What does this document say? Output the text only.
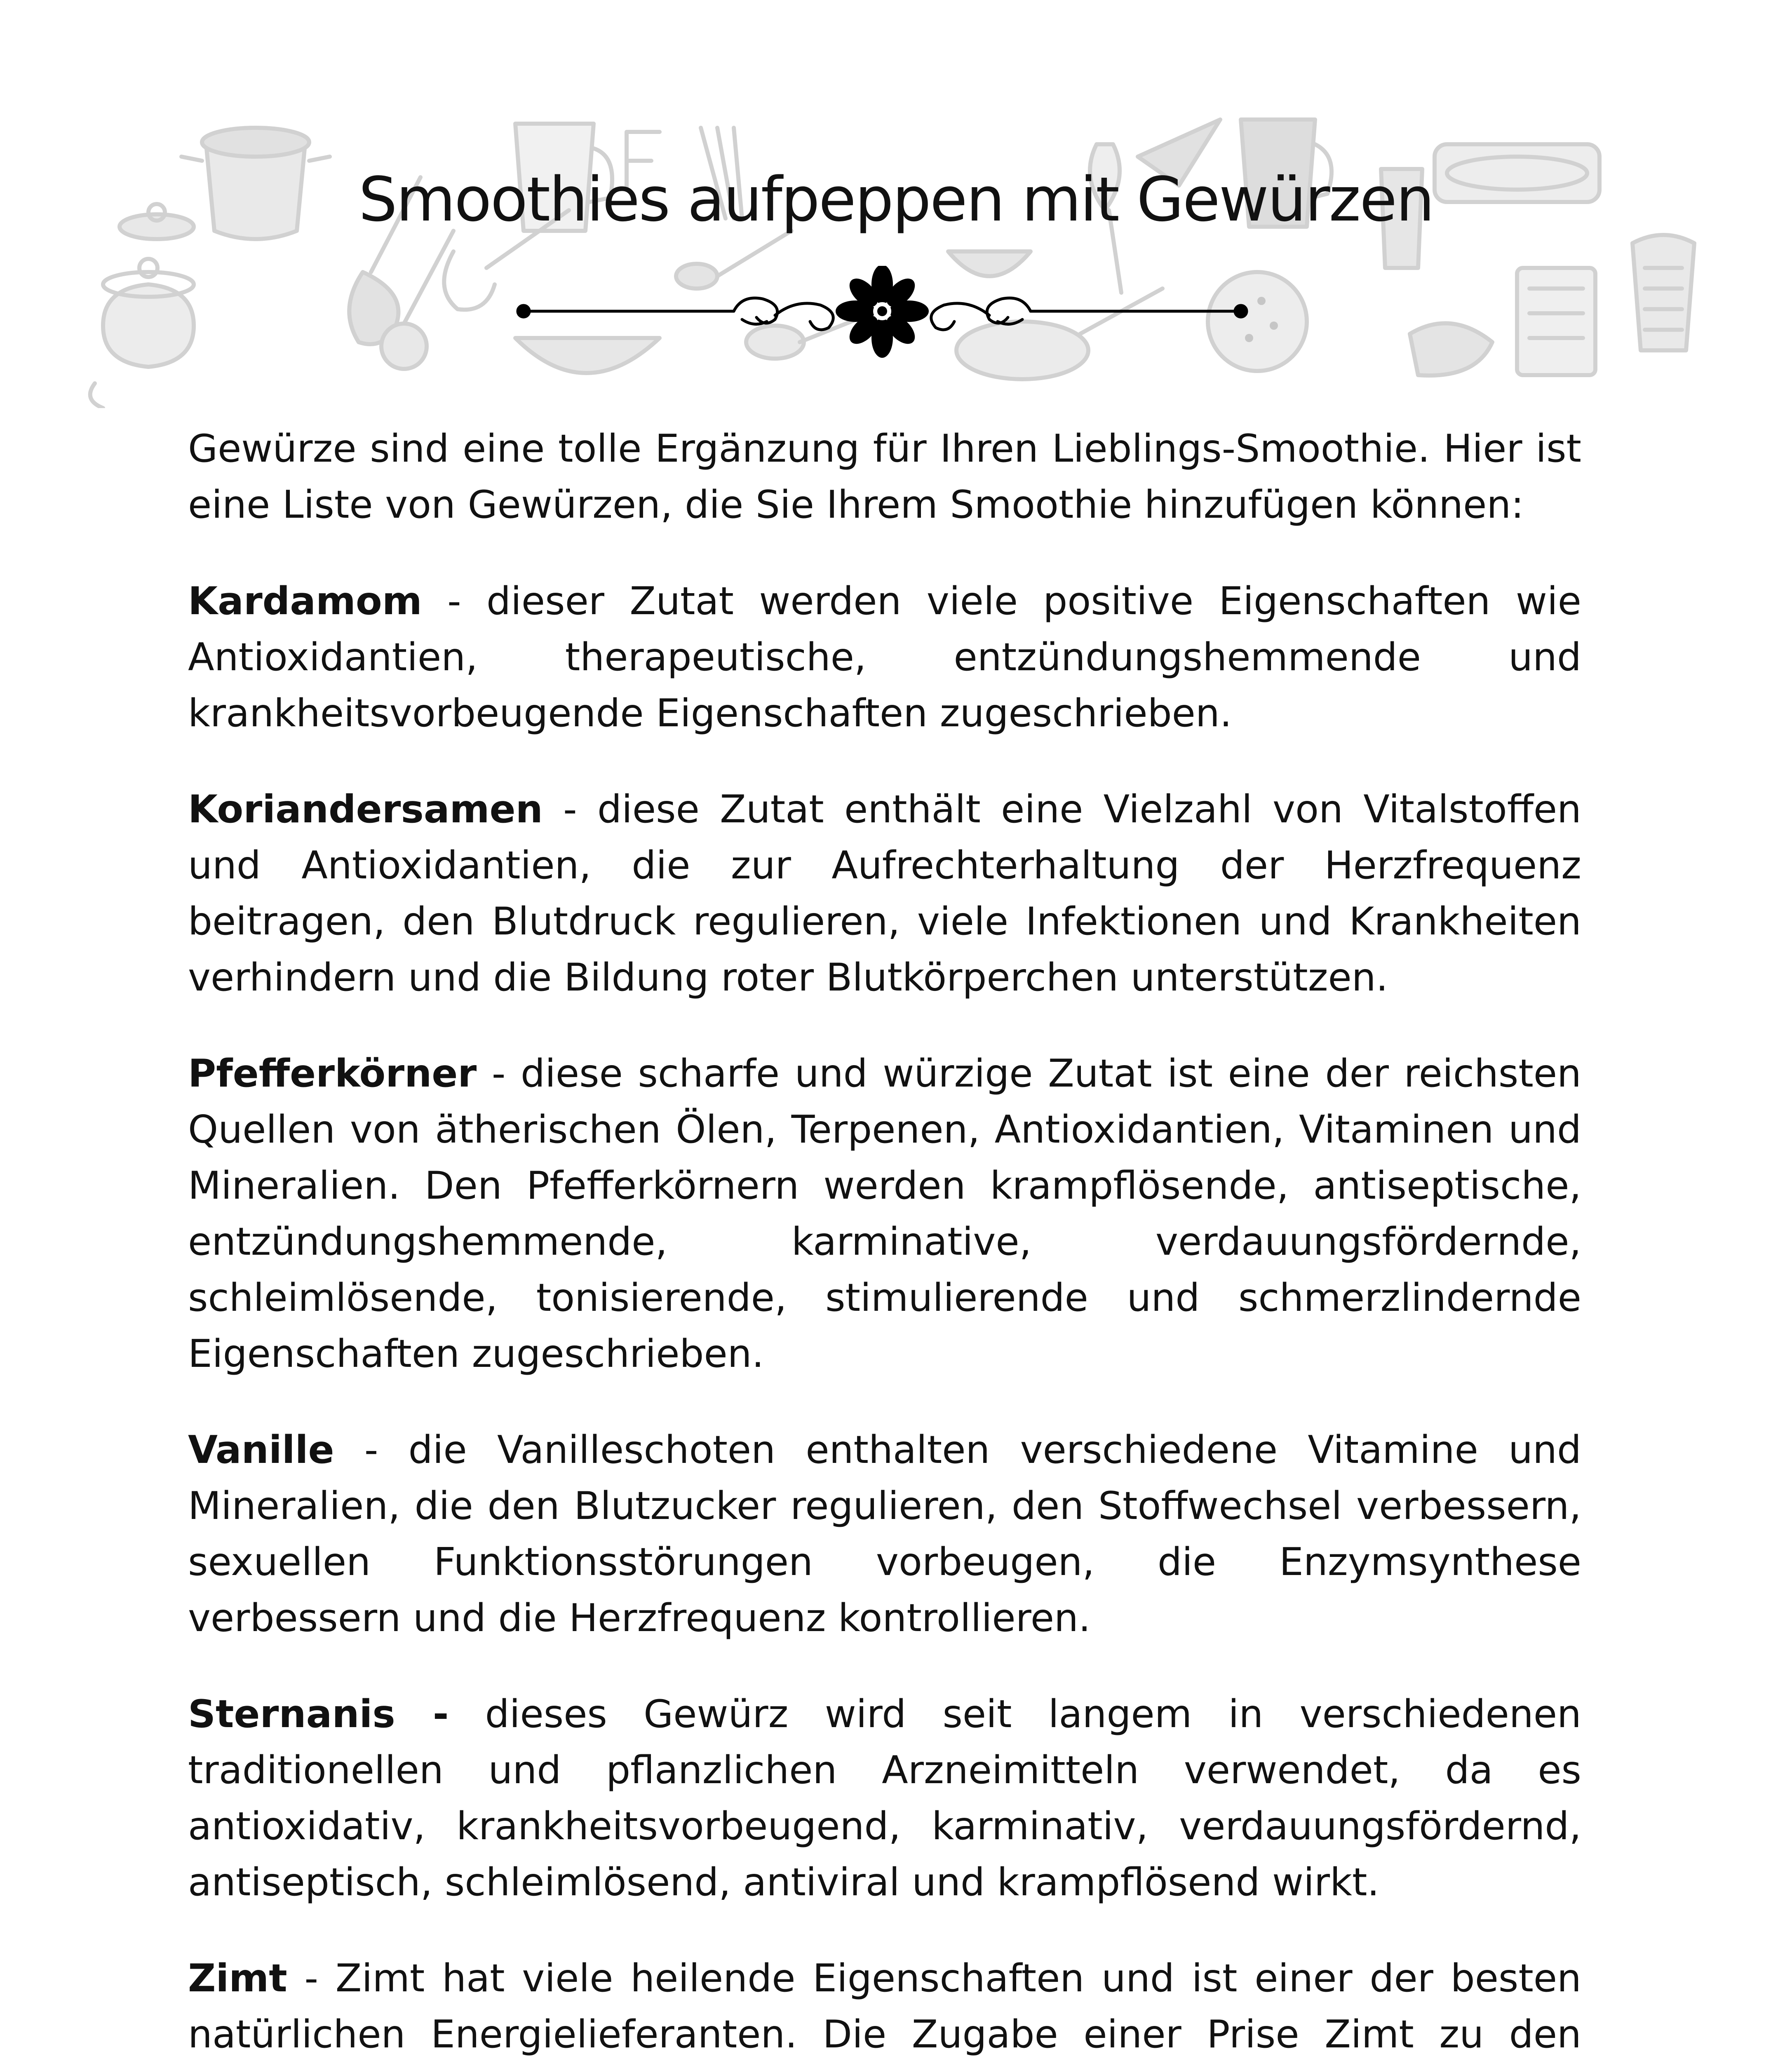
Smoothies aufpeppen mit Gewürzen

Gewürze sind eine tolle Ergänzung für Ihren Lieblings-Smoothie. Hier ist eine Liste von Gewürzen, die Sie Ihrem Smoothie hinzufügen können:

Kardamom - dieser Zutat werden viele positive Eigenschaften wie Antioxidantien, therapeutische, entzündungshemmende und krankheitsvorbeugende Eigenschaften zugeschrieben.

Koriandersamen - diese Zutat enthält eine Vielzahl von Vitalstoffen und Antioxidantien, die zur Aufrechterhaltung der Herzfrequenz beitragen, den Blutdruck regulieren, viele Infektionen und Krankheiten verhindern und die Bildung roter Blutkörperchen unterstützen.

Pfefferkörner - diese scharfe und würzige Zutat ist eine der reichsten Quellen von ätherischen Ölen, Terpenen, Antioxidantien, Vitaminen und Mineralien. Den Pfefferkörnern werden krampflösende, antiseptische, entzündungshemmende, karminative, verdauungsfördernde, schleimlösende, tonisierende, stimulierende und schmerzlindernde Eigenschaften zugeschrieben.

Vanille - die Vanilleschoten enthalten verschiedene Vitamine und Mineralien, die den Blutzucker regulieren, den Stoffwechsel verbessern, sexuellen Funktionsstörungen vorbeugen, die Enzymsynthese verbessern und die Herzfrequenz kontrollieren.

Sternanis - dieses Gewürz wird seit langem in verschiedenen traditionellen und pflanzlichen Arzneimitteln verwendet, da es antioxidativ, krankheitsvorbeugend, karminativ, verdauungsfördernd, antiseptisch, schleimlösend, antiviral und krampflösend wirkt.

Zimt - Zimt hat viele heilende Eigenschaften und ist einer der besten natürlichen Energielieferanten. Die Zugabe einer Prise Zimt zu den
